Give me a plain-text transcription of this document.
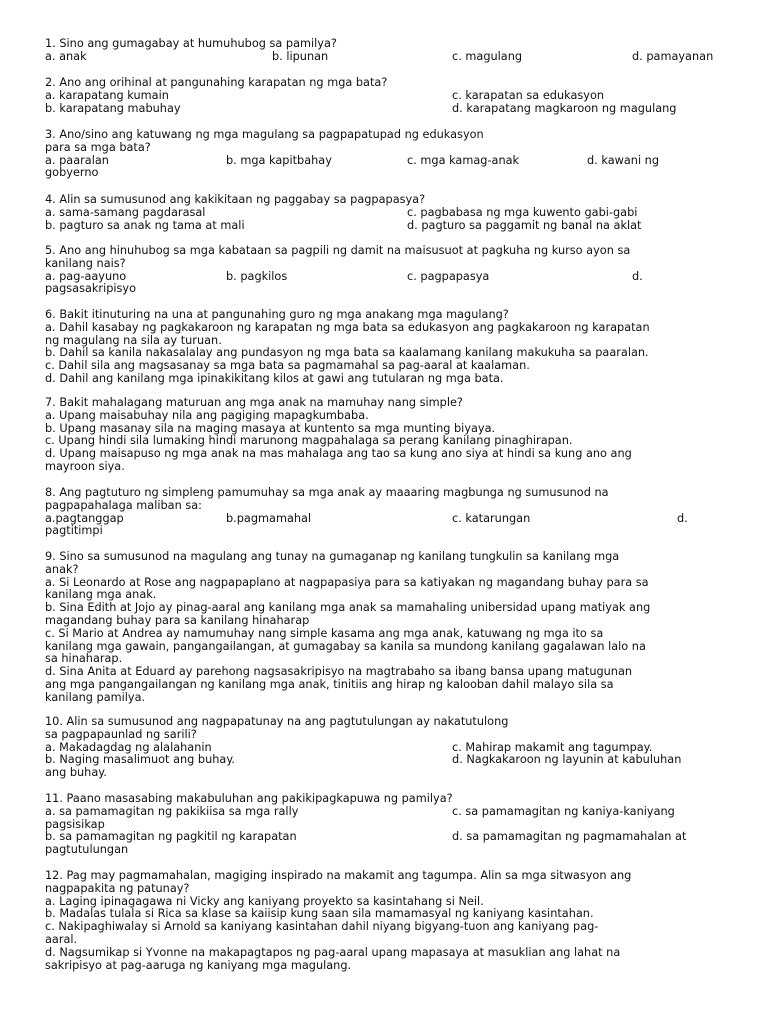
1. Sino ang gumagabay at humuhubog sa pamilya?
a. anak	b. lipunan	c. magulang	d. pamayanan
2. Ano ang orihinal at pangunahing karapatan ng mga bata?
a. karapatang kumain	c. karapatan sa edukasyon
b. karapatang mabuhay	d. karapatang magkaroon ng magulang
3. Ano/sino ang katuwang ng mga magulang sa pagpapatupad ng edukasyon
para sa mga bata?
a. paaralan	b. mga kapitbahay	c. mga kamag-anak	d. kawani ng
gobyerno
4. Alin sa sumusunod ang kakikitaan ng paggabay sa pagpapasya?
a. sama-samang pagdarasal	c. pagbabasa ng mga kuwento gabi-gabi
b. pagturo sa anak ng tama at mali	d. pagturo sa paggamit ng banal na aklat
5. Ano ang hinuhubog sa mga kabataan sa pagpili ng damit na maisusuot at pagkuha ng kurso ayon sa
kanilang nais?
a. pag-aayuno	b. pagkilos	c. pagpapasya	d.
pagsasakripisyo
6. Bakit itinuturing na una at pangunahing guro ng mga anakang mga magulang?
a. Dahil kasabay ng pagkakaroon ng karapatan ng mga bata sa edukasyon ang pagkakaroon ng karapatan
ng magulang na sila ay turuan.
b. Dahil sa kanila nakasalalay ang pundasyon ng mga bata sa kaalamang kanilang makukuha sa paaralan.
c. Dahil sila ang magsasanay sa mga bata sa pagmamahal sa pag-aaral at kaalaman.
d. Dahil ang kanilang mga ipinakikitang kilos at gawi ang tutularan ng mga bata.
7. Bakit mahalagang maturuan ang mga anak na mamuhay nang simple?
a. Upang maisabuhay nila ang pagiging mapagkumbaba.
b. Upang masanay sila na maging masaya at kuntento sa mga munting biyaya.
c. Upang hindi sila lumaking hindi marunong magpahalaga sa perang kanilang pinaghirapan.
d. Upang maisapuso ng mga anak na mas mahalaga ang tao sa kung ano siya at hindi sa kung ano ang
mayroon siya.
8. Ang pagtuturo ng simpleng pamumuhay sa mga anak ay maaaring magbunga ng sumusunod na
pagpapahalaga maliban sa:
a.pagtanggap	b.pagmamahal	c. katarungan	d.
pagtitimpi
9. Sino sa sumusunod na magulang ang tunay na gumaganap ng kanilang tungkulin sa kanilang mga
anak?
a. Si Leonardo at Rose ang nagpapaplano at nagpapasiya para sa katiyakan ng magandang buhay para sa
kanilang mga anak.
b. Sina Edith at Jojo ay pinag-aaral ang kanilang mga anak sa mamahaling unibersidad upang matiyak ang
magandang buhay para sa kanilang hinaharap
c. Si Mario at Andrea ay namumuhay nang simple kasama ang mga anak, katuwang ng mga ito sa
kanilang mga gawain, pangangailangan, at gumagabay sa kanila sa mundong kanilang gagalawan lalo na
sa hinaharap.
d. Sina Anita at Eduard ay parehong nagsasakripisyo na magtrabaho sa ibang bansa upang matugunan
ang mga pangangailangan ng kanilang mga anak, tinitiis ang hirap ng kalooban dahil malayo sila sa
kanilang pamilya.
10. Alin sa sumusunod ang nagpapatunay na ang pagtutulungan ay nakatutulong
sa pagpapaunlad ng sarili?
a. Makadagdag ng alalahanin	c. Mahirap makamit ang tagumpay.
b. Naging masalimuot ang buhay.	d. Nagkakaroon ng layunin at kabuluhan
ang buhay.
11. Paano masasabing makabuluhan ang pakikipagkapuwa ng pamilya?
a. sa pamamagitan ng pakikiisa sa mga rally	c. sa pamamagitan ng kaniya-kaniyang
pagsisikap
b. sa pamamagitan ng pagkitil ng karapatan	d. sa pamamagitan ng pagmamahalan at
pagtutulungan
12. Pag may pagmamahalan, magiging inspirado na makamit ang tagumpa. Alin sa mga sitwasyon ang
nagpapakita ng patunay?
a. Laging ipinagagawa ni Vicky ang kaniyang proyekto sa kasintahang si Neil.
b. Madalas tulala si Rica sa klase sa kaiisip kung saan sila mamamasyal ng kaniyang kasintahan.
c. Nakipaghiwalay si Arnold sa kaniyang kasintahan dahil niyang bigyang-tuon ang kaniyang pag-
aaral.
d. Nagsumikap si Yvonne na makapagtapos ng pag-aaral upang mapasaya at masuklian ang lahat na
sakripisyo at pag-aaruga ng kaniyang mga magulang.
